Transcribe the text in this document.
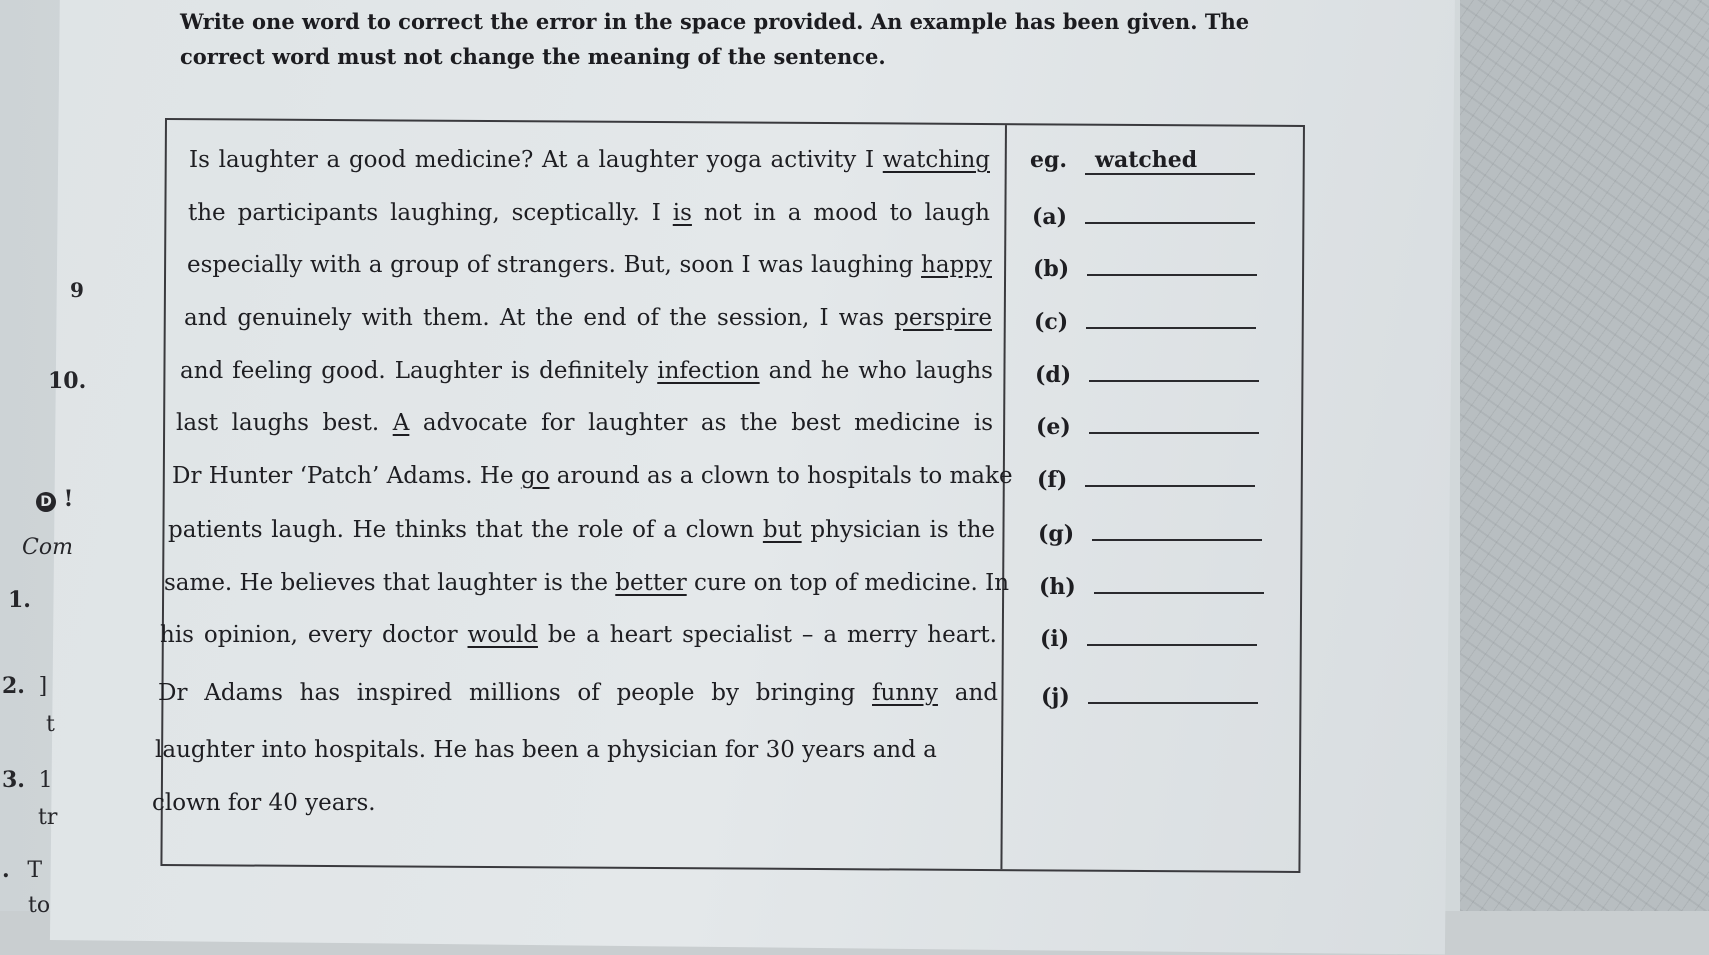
Write one word to correct the error in the space provided. An example has been given. The
correct word must not change the meaning of the sentence.
9
10.
D !
Com
1.
2. ]
t
3. 1
tr
. T
to
Is laughter a good medicine? At a laughter yoga activity I watching
the participants laughing, sceptically. I is not in a mood to laugh
especially with a group of strangers. But, soon I was laughing happy
and genuinely with them. At the end of the session, I was perspire
and feeling good. Laughter is definitely infection and he who laughs
last laughs best. A advocate for laughter as the best medicine is
Dr Hunter ‘Patch’ Adams. He go around as a clown to hospitals to make
patients laugh. He thinks that the role of a clown but physician is the
same. He believes that laughter is the better cure on top of medicine. In
his opinion, every doctor would be a heart specialist – a merry heart.
Dr Adams has inspired millions of people by bringing funny and
laughter into hospitals. He has been a physician for 30 years and a
clown for 40 years.
eg. watched
(a)
(b)
(c)
(d)
(e)
(f)
(g)
(h)
(i)
(j)
